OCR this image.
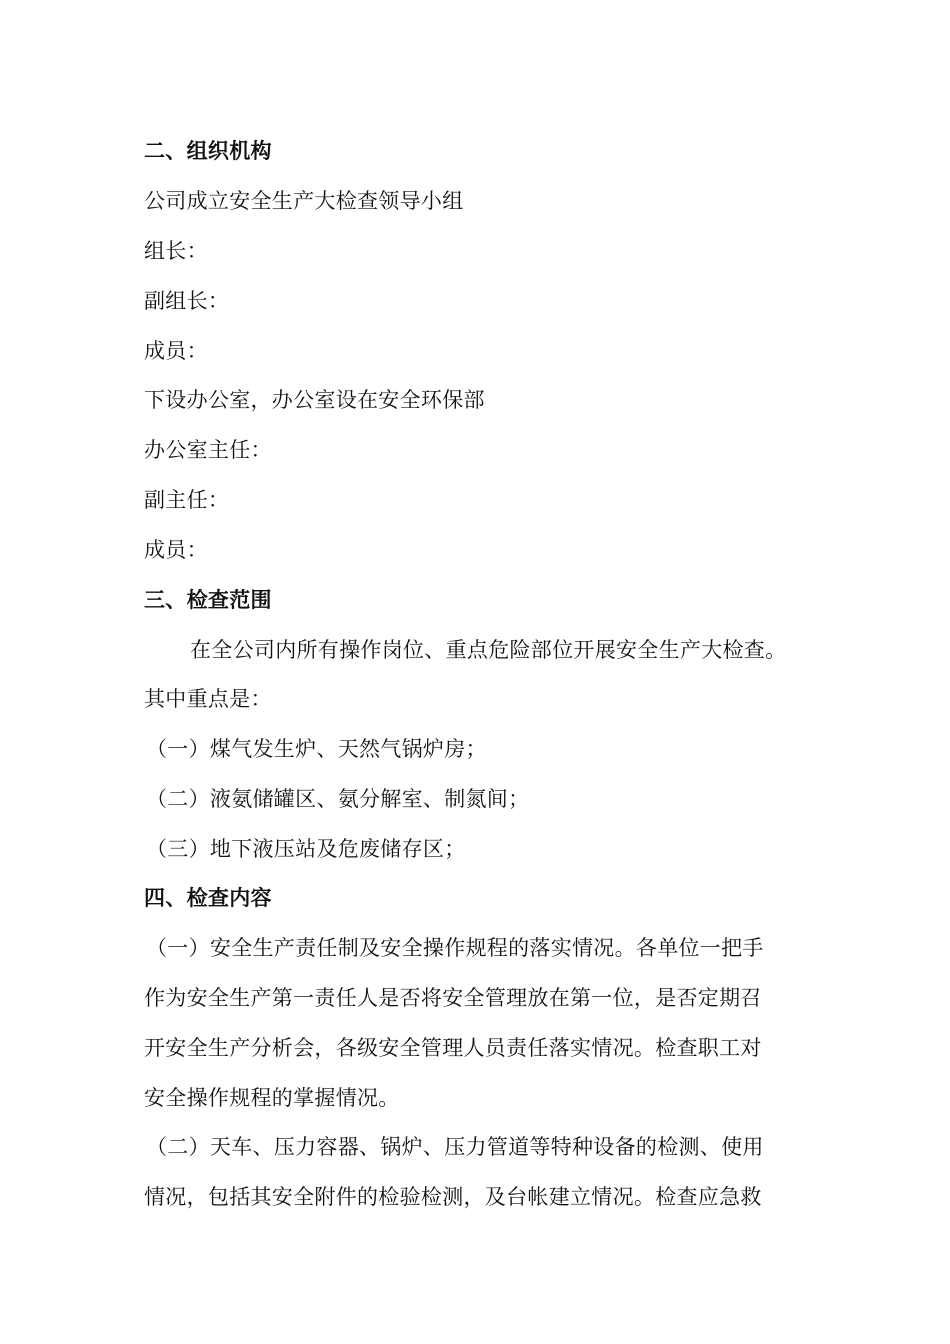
二、组织机构
公司成立安全生产大检查领导小组
组长：
副组长：
成员：
下设办公室，办公室设在安全环保部
办公室主任：
副主任：
成员：
三、检查范围
在全公司内所有操作岗位、重点危险部位开展安全生产大检查。
其中重点是：
（一）煤气发生炉、天然气锅炉房；
（二）液氨储罐区、氨分解室、制氮间；
（三）地下液压站及危废储存区；
四、检查内容
（一）安全生产责任制及安全操作规程的落实情况。各单位一把手
作为安全生产第一责任人是否将安全管理放在第一位，是否定期召
开安全生产分析会，各级安全管理人员责任落实情况。检查职工对
安全操作规程的掌握情况。
（二）天车、压力容器、锅炉、压力管道等特种设备的检测、使用
情况，包括其安全附件的检验检测，及台帐建立情况。检查应急救
